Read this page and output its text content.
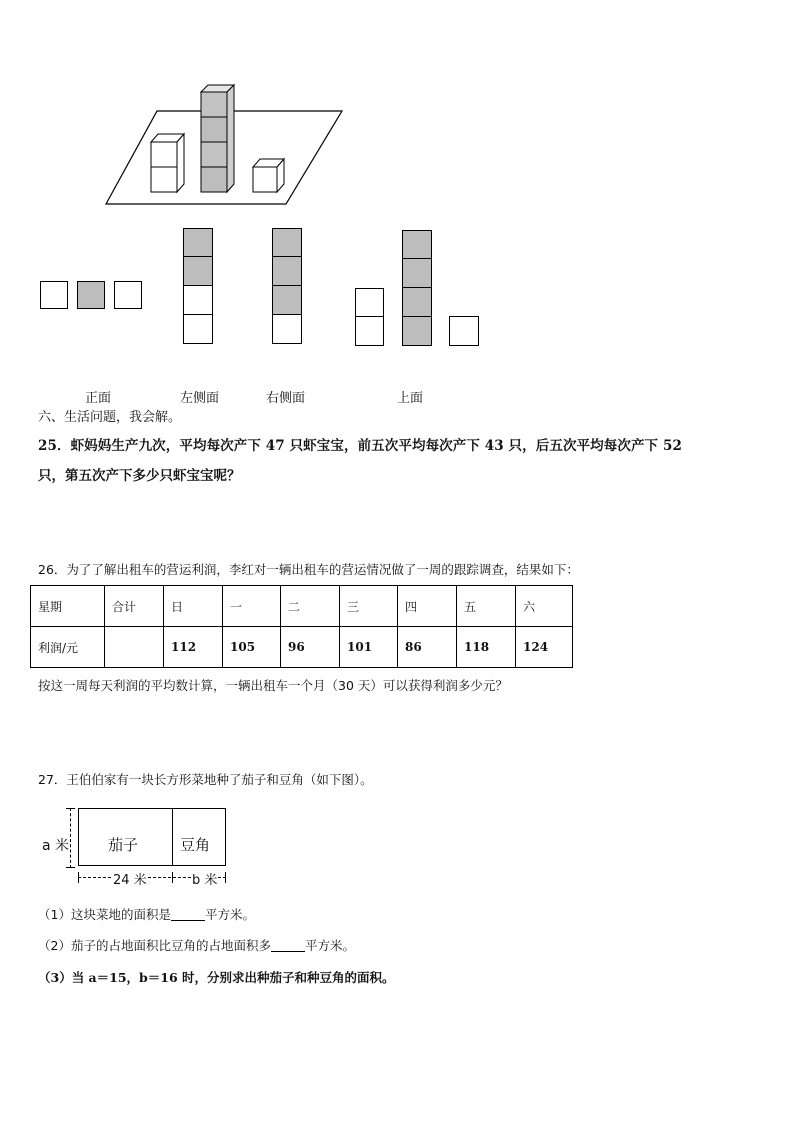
正面	左侧面	右侧面	上面
六、生活问题，我会解。
25．虾妈妈生产九次，平均每次产下 47 只虾宝宝，前五次平均每次产下 43 只，后五次平均每次产下 52
只，第五次产下多少只虾宝宝呢？
26．为了了解出租车的营运利润，李红对一辆出租车的营运情况做了一周的跟踪调查，结果如下：
星期	合计	日	一	二	三	四	五	六
利润/元		112	105	96	101	86	118	124
按这一周每天利润的平均数计算，一辆出租车一个月（30 天）可以获得利润多少元？
27．王伯伯家有一块长方形菜地种了茄子和豆角（如下图）。
a 米	茄子	豆角
24 米	b 米
（1）这块菜地的面积是	平方米。
（2）茄子的占地面积比豆角的占地面积多	平方米。
（3）当 a＝15，b＝16 时，分别求出种茄子和种豆角的面积。
